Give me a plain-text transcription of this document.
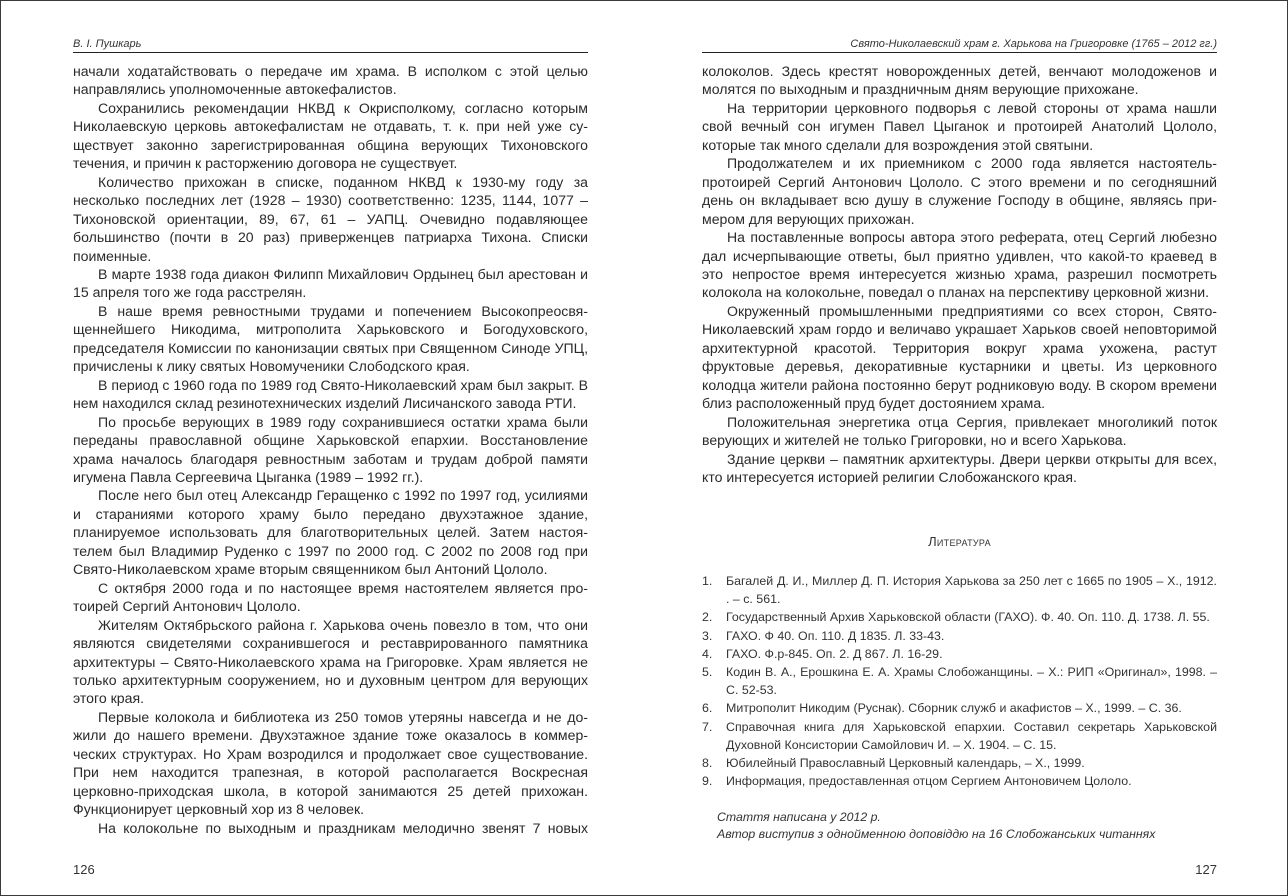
В. І. Пушкарь

начали ходатайствовать о передаче им храма. В исполком с этой целью направлялись уполномоченные автокефалистов.

Сохранились рекомендации НКВД к Окрисполкому, согласно которым Николаевскую церковь автокефалистам не отдавать, т. к. при ней уже существует законно зарегистрированная община верующих Тихоновского течения, и причин к расторжению договора не существует.

Количество прихожан в списке, поданном НКВД к 1930-му году за несколько последних лет (1928 – 1930) соответственно: 1235, 1144, 1077 – Тихоновской ориентации, 89, 67, 61 – УАПЦ. Очевидно подавляющее большинство (почти в 20 раз) приверженцев патриарха Тихона. Списки поименные.

В марте 1938 года диакон Филипп Михайлович Ордынец был арестован и 15 апреля того же года расстрелян.

В наше время ревностными трудами и попечением Высокопреосвященнейшего Никодима, митрополита Харьковского и Богодуховского, председателя Комиссии по канонизации святых при Священном Синоде УПЦ, причислены к лику святых Новомученики Слободского края.

В период с 1960 года по 1989 год Свято-Николаевский храм был закрыт. В нем находился склад резинотехнических изделий Лисичанского завода РТИ.

По просьбе верующих в 1989 году сохранившиеся остатки храма были переданы православной общине Харьковской епархии. Восстановление храма началось благодаря ревностным заботам и трудам доброй памяти игумена Павла Сергеевича Цыганка (1989 – 1992 гг.).

После него был отец Александр Геращенко с 1992 по 1997 год, усилиями и стараниями которого храму было передано двухэтажное здание, планируемое использовать для благотворительных целей. Затем настоятелем был Владимир Руденко с 1997 по 2000 год. С 2002 по 2008 год при Свято-Николаевском храме вторым священником был Антоний Цололо.

С октября 2000 года и по настоящее время настоятелем является протоирей Сергий Антонович Цололо.

Жителям Октябрьского района г. Харькова очень повезло в том, что они являются свидетелями сохранившегося и реставрированного памятника архитектуры – Свято-Николаевского храма на Григоровке. Храм является не только архитектурным сооружением, но и духовным центром для верующих этого края.

Первые колокола и библиотека из 250 томов утеряны навсегда и не дожили до нашего времени. Двухэтажное здание тоже оказалось в коммерческих структурах. Но Храм возродился и продолжает свое существование. При нем находится трапезная, в которой располагается Воскресная церковно-приходская школа, в которой занимаются 25 детей прихожан. Функционирует церковный хор из 8 человек.

На колокольне по выходным и праздникам мелодично звенят 7 новых

126
Свято-Николаевский храм г. Харькова на Григоровке (1765 – 2012 гг.)

колоколов. Здесь крестят новорожденных детей, венчают молодоженов и молятся по выходным и праздничным дням верующие прихожане.

На территории церковного подворья с левой стороны от храма нашли свой вечный сон игумен Павел Цыганок и протоирей Анатолий Цололо, которые так много сделали для возрождения этой святыни.

Продолжателем и их приемником с 2000 года является настоятель-протоирей Сергий Антонович Цололо. С этого времени и по сегодняшний день он вкладывает всю душу в служение Господу в общине, являясь примером для верующих прихожан.

На поставленные вопросы автора этого реферата, отец Сергий любезно дал исчерпывающие ответы, был приятно удивлен, что какой-то краевед в это непростое время интересуется жизнью храма, разрешил посмотреть колокола на колокольне, поведал о планах на перспективу церковной жизни.

Окруженный промышленными предприятиями со всех сторон, Свято-Николаевский храм гордо и величаво украшает Харьков своей неповторимой архитектурной красотой. Территория вокруг храма ухожена, растут фруктовые деревья, декоративные кустарники и цветы. Из церковного колодца жители района постоянно берут родниковую воду. В скором времени близ расположенный пруд будет достоянием храма.

Положительная энергетика отца Сергия, привлекает многоликий поток верующих и жителей не только Григоровки, но и всего Харькова.

Здание церкви – памятник архитектуры. Двери церкви открыты для всех, кто интересуется историей религии Слобожанского края.

Литература
1. Багалей Д. И., Миллер Д. П. История Харькова за 250 лет с 1665 по 1905 – Х., 1912. . – с. 561.
2. Государственный Архив Харьковской области (ГАХО). Ф. 40. Оп. 110. Д. 1738. Л. 55.
3. ГАХО. Ф 40. Оп. 110. Д 1835. Л. 33-43.
4. ГАХО. Ф.р-845. Оп. 2. Д 867. Л. 16-29.
5. Кодин В. А., Ерошкина Е. А. Храмы Слобожанщины. – Х.: РИП «Оригинал», 1998. – С. 52-53.
6. Митрополит Никодим (Руснак). Сборник служб и акафистов – Х., 1999. – С. 36.
7. Справочная книга для Харьковской епархии. Составил секретарь Харьковской Духовной Консистории Самойлович И. – Х. 1904. – С. 15.
8. Юбилейный Православный Церковный календарь, – Х., 1999.
9. Информация, предоставленная отцом Сергием Антоновичем Цололо.
Стаття написана у 2012 р.
Автор виступив з однойменною доповіддю на 16 Слобожанських читаннях
127
